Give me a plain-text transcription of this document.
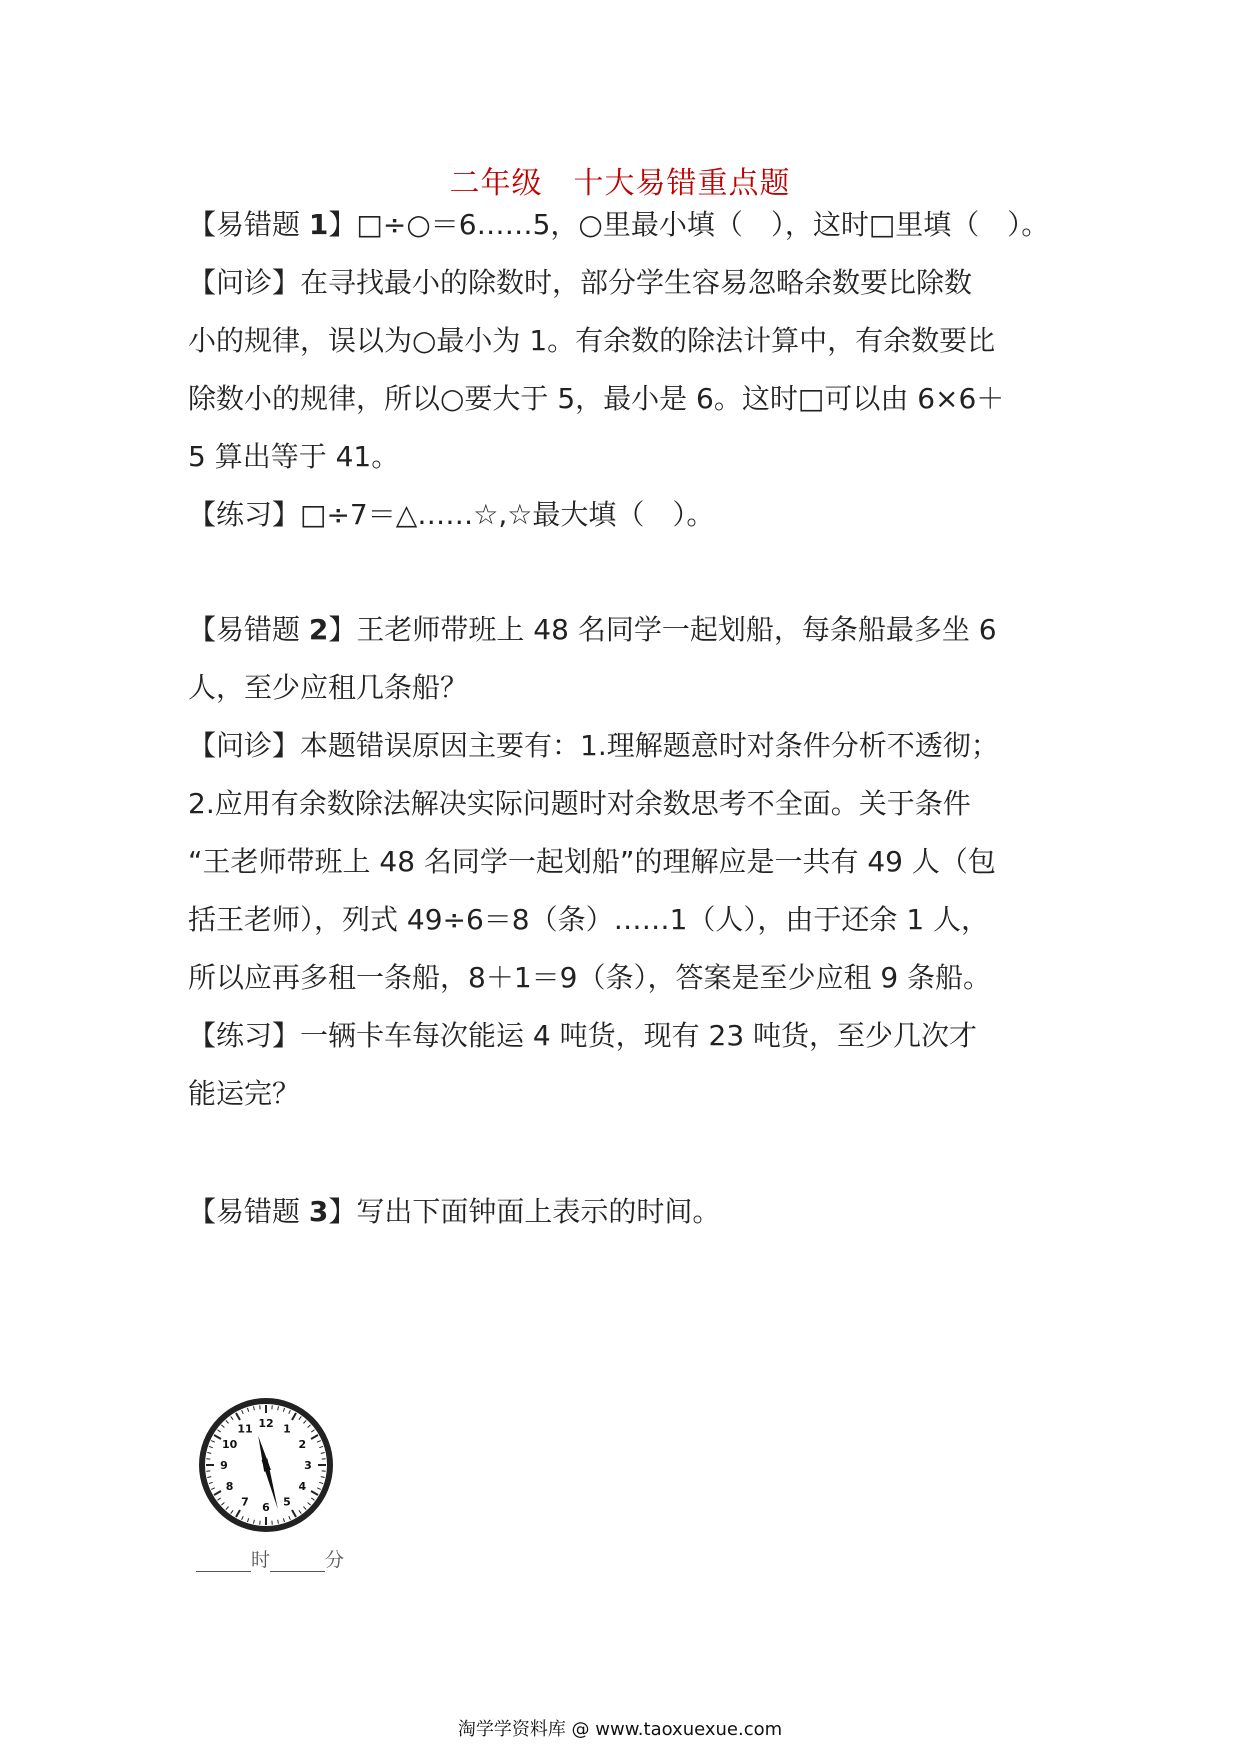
二年级　十大易错重点题
【易错题 1】□÷○＝6……5，○里最小填（　），这时□里填（　）。
【问诊】在寻找最小的除数时，部分学生容易忽略余数要比除数
小的规律，误以为○最小为 1。有余数的除法计算中，有余数要比
除数小的规律，所以○要大于 5，最小是 6。这时□可以由 6×6＋
5 算出等于 41。
【练习】□÷7＝△……☆,☆最大填（　）。
【易错题 2】王老师带班上 48 名同学一起划船，每条船最多坐 6
人，至少应租几条船？
【问诊】本题错误原因主要有：1.理解题意时对条件分析不透彻；
2.应用有余数除法解决实际问题时对余数思考不全面。关于条件
“王老师带班上 48 名同学一起划船”的理解应是一共有 49 人（包
括王老师），列式 49÷6＝8（条）……1（人），由于还余 1 人，
所以应再多租一条船，8＋1＝9（条），答案是至少应租 9 条船。
【练习】一辆卡车每次能运 4 吨货，现有 23 吨货，至少几次才
能运完？
【易错题 3】写出下面钟面上表示的时间。
12 1
2
3
4
5
6
7
8
9
10
11
时	分
淘学学资料库 @ www.taoxuexue.com
